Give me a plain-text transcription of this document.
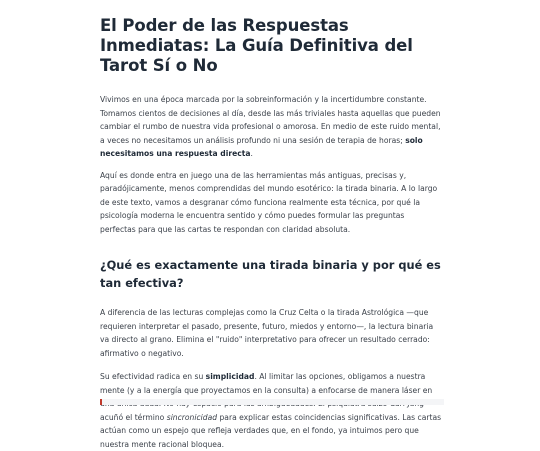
El Poder de las Respuestas Inmediatas: La Guía Definitiva del Tarot Sí o No

Vivimos en una época marcada por la sobreinformación y la incertidumbre constante. Tomamos cientos de decisiones al día, desde las más triviales hasta aquellas que pueden cambiar el rumbo de nuestra vida profesional o amorosa. En medio de este ruido mental, a veces no necesitamos un análisis profundo ni una sesión de terapia de horas; solo necesitamos una respuesta directa.

Aquí es donde entra en juego una de las herramientas más antiguas, precisas y, paradójicamente, menos comprendidas del mundo esotérico: la tirada binaria. A lo largo de este texto, vamos a desgranar cómo funciona realmente esta técnica, por qué la psicología moderna le encuentra sentido y cómo puedes formular las preguntas perfectas para que las cartas te respondan con claridad absoluta.

¿Qué es exactamente una tirada binaria y por qué es tan efectiva?

A diferencia de las lecturas complejas como la Cruz Celta o la tirada Astrológica —que requieren interpretar el pasado, presente, futuro, miedos y entorno—, la lectura binaria va directo al grano. Elimina el "ruido" interpretativo para ofrecer un resultado cerrado: afirmativo o negativo.

Su efectividad radica en su simplicidad. Al limitar las opciones, obligamos a nuestra mente (y a la energía que proyectamos en la consulta) a enfocarse de manera láser en acuñó el término sincronicidad para explicar estas coincidencias significativas. Las cartas actúan como un espejo que refleja verdades que, en el fondo, ya intuimos pero que nuestra mente racional bloquea.
